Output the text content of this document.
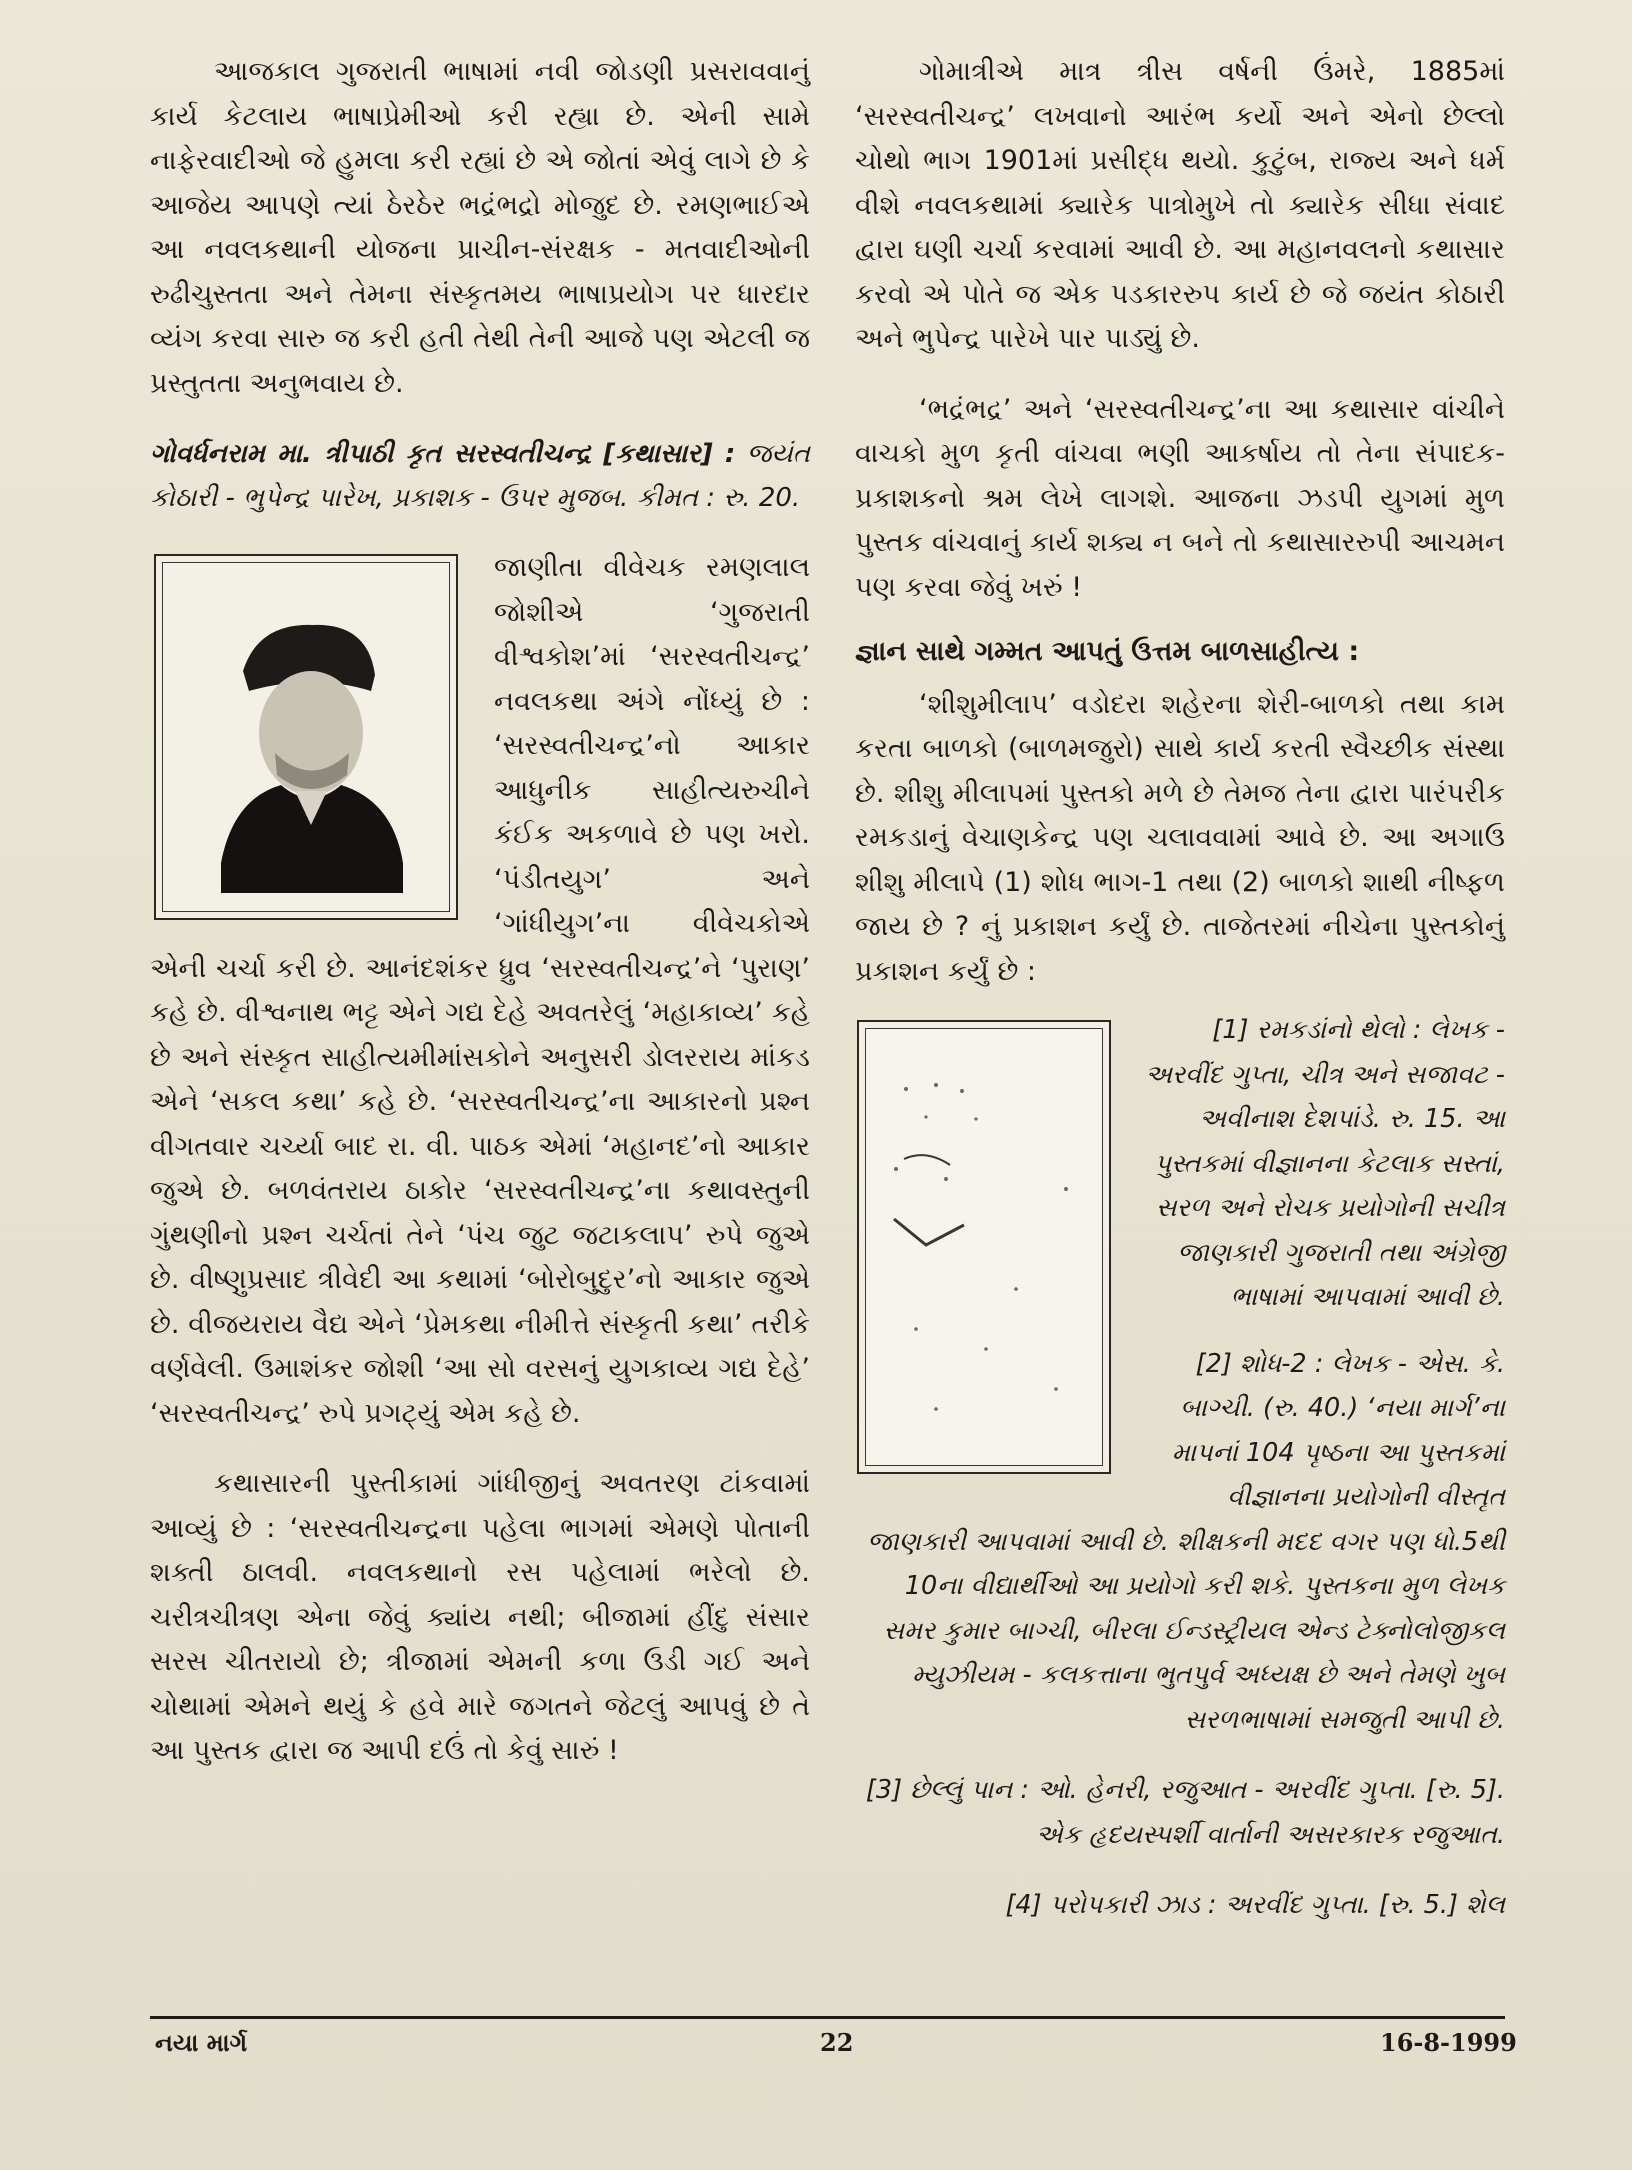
આજકાલ ગુજરાતી ભાષામાં નવી જોડણી પ્રસરાવવાનું કાર્ય કેટલાય ભાષાપ્રેમીઓ કરી રહ્યા છે. એની સામે નાફેરવાદીઓ જે હુમલા કરી રહ્યાં છે એ જોતાં એવું લાગે છે કે આજેય આપણે ત્યાં ઠેરઠેર ભદ્રંભદ્રો મોજુદ છે. રમણભાઈએ આ નવલકથાની યોજના પ્રાચીન-સંરક્ષક - મતવાદીઓની રુઢીચુસ્તતા અને તેમના સંસ્કૃતમય ભાષાપ્રયોગ પર ધારદાર વ્યંગ કરવા સારુ જ કરી હતી તેથી તેની આજે પણ એટલી જ પ્રસ્તુતતા અનુભવાય છે.

ગોવર્ધનરામ મા. ત્રીપાઠી કૃત સરસ્વતીચન્દ્ર [કથાસાર] : જયંત કોઠારી - ભુપેન્દ્ર પારેખ, પ્રકાશક - ઉપર મુજબ. કીમત : રુ. 20.

જાણીતા વીવેચક રમણલાલ જોશીએ ‘ગુજરાતી વીશ્વકોશ’માં ‘સરસ્વતીચન્દ્ર’ નવલકથા અંગે નોંધ્યું છે : ‘સરસ્વતીચન્દ્ર’નો આકાર આધુનીક સાહીત્યરુચીને કંઈક અકળાવે છે પણ ખરો. ‘પંડીતયુગ’ અને ‘ગાંધીયુગ’ના વીવેચકોએ એની ચર્ચા કરી છે. આનંદશંકર ધ્રુવ ‘સરસ્વતીચન્દ્ર’ને ‘પુરાણ’ કહે છે. વીશ્વનાથ ભટ્ટ એને ગદ્ય દેહે અવતરેલું ‘મહાકાવ્ય’ કહે છે અને સંસ્કૃત સાહીત્યમીમાંસકોને અનુસરી ડોલરરાય માંકડ એને ‘સકલ કથા’ કહે છે. ‘સરસ્વતીચન્દ્ર’ના આકારનો પ્રશ્ન વીગતવાર ચર્ચ્યા બાદ રા. વી. પાઠક એમાં ‘મહાનદ’નો આકાર જુએ છે. બળવંતરાય ઠાકોર ‘સરસ્વતીચન્દ્ર’ના કથાવસ્તુની ગુંથણીનો પ્રશ્ન ચર્ચતાં તેને ‘પંચ જુટ જટાકલાપ’ રુપે જુએ છે. વીષ્ણુપ્રસાદ ત્રીવેદી આ કથામાં ‘બોરોબુદુર’નો આકાર જુએ છે. વીજયરાય વૈદ્ય એને ‘પ્રેમકથા નીમીત્તે સંસ્કૃતી કથા’ તરીકે વર્ણવેલી. ઉમાશંકર જોશી ‘આ સો વરસનું યુગકાવ્ય ગદ્ય દેહે’ ‘સરસ્વતીચન્દ્ર’ રુપે પ્રગટ્યું એમ કહે છે.

કથાસારની પુસ્તીકામાં ગાંધીજીનું અવતરણ ટાંકવામાં આવ્યું છે : ‘સરસ્વતીચન્દ્રના પહેલા ભાગમાં એમણે પોતાની શક્તી ઠાલવી. નવલકથાનો રસ પહેલામાં ભરેલો છે. ચરીત્રચીત્રણ એના જેવું ક્યાંય નથી; બીજામાં હીંદુ સંસાર સરસ ચીતરાયો છે; ત્રીજામાં એમની કળા ઉડી ગઈ અને ચોથામાં એમને થયું કે હવે મારે જગતને જેટલું આપવું છે તે આ પુસ્તક દ્વારા જ આપી દઉં તો કેવું સારું !

ગોમાત્રીએ માત્ર ત્રીસ વર્ષની ઉંમરે, 1885માં ‘સરસ્વતીચન્દ્ર’ લખવાનો આરંભ કર્યો અને એનો છેલ્લો ચોથો ભાગ 1901માં પ્રસીદ્ધ થયો. કુટુંબ, રાજ્ય અને ધર્મ વીશે નવલકથામાં ક્યારેક પાત્રોમુખે તો ક્યારેક સીધા સંવાદ દ્વારા ઘણી ચર્ચા કરવામાં આવી છે. આ મહાનવલનો કથાસાર કરવો એ પોતે જ એક પડકારરુપ કાર્ય છે જે જયંત કોઠારી અને ભુપેન્દ્ર પારેખે પાર પાડ્યું છે.

‘ભદ્રંભદ્ર’ અને ‘સરસ્વતીચન્દ્ર’ના આ કથાસાર વાંચીને વાચકો મુળ કૃતી વાંચવા ભણી આકર્ષાય તો તેના સંપાદક-પ્રકાશકનો શ્રમ લેખે લાગશે. આજના ઝડપી યુગમાં મુળ પુસ્તક વાંચવાનું કાર્ય શક્ય ન બને તો કથાસારરુપી આચમન પણ કરવા જેવું ખરું !

જ્ઞાન સાથે ગમ્મત આપતું ઉત્તમ બાળસાહીત્ય :

‘શીશુમીલાપ’ વડોદરા શહેરના શેરી-બાળકો તથા કામ કરતા બાળકો (બાળમજુરો) સાથે કાર્ય કરતી સ્વૈચ્છીક સંસ્થા છે. શીશુ મીલાપમાં પુસ્તકો મળે છે તેમજ તેના દ્વારા પારંપરીક રમકડાનું વેચાણકેન્દ્ર પણ ચલાવવામાં આવે છે. આ અગાઉ શીશુ મીલાપે (1) શોધ ભાગ-1 તથા (2) બાળકો શાથી નીષ્ફળ જાય છે ? નું પ્રકાશન કર્યું છે. તાજેતરમાં નીચેના પુસ્તકોનું પ્રકાશન કર્યું છે :

[1] રમકડાંનો થેલો : લેખક - અરવીંદ ગુપ્તા, ચીત્ર અને સજાવટ - અવીનાશ દેશપાંડે. રુ. 15. આ પુસ્તકમાં વીજ્ઞાનના કેટલાક સસ્તાં, સરળ અને રોચક પ્રયોગોની સચીત્ર જાણકારી ગુજરાતી તથા અંગ્રેજી ભાષામાં આપવામાં આવી છે.

[2] શોધ-2 : લેખક - એસ. કે. બાગ્ચી. (રુ. 40.) ‘નયા માર્ગ’ના માપનાં 104 પૃષ્ઠના આ પુસ્તકમાં વીજ્ઞાનના પ્રયોગોની વીસ્તૃત જાણકારી આપવામાં આવી છે. શીક્ષકની મદદ વગર પણ ધો.5થી 10ના વીદ્યાર્થીઓ આ પ્રયોગો કરી શકે. પુસ્તકના મુળ લેખક સમર કુમાર બાગ્ચી, બીરલા ઈન્ડસ્ટ્રીયલ એન્ડ ટેક્નોલોજીકલ મ્યુઝીયમ - કલકત્તાના ભુતપુર્વ અધ્યક્ષ છે અને તેમણે ખુબ સરળભાષામાં સમજુતી આપી છે.

[3] છેલ્લું પાન : ઓ. હેનરી, રજુઆત - અરવીંદ ગુપ્તા. [રુ. 5]. એક હૃદયસ્પર્શી વાર્તાની અસરકારક રજુઆત.

[4] પરોપકારી ઝાડ : અરવીંદ ગુપ્તા. [રુ. 5.] શેલ

નયા માર્ગ	22	16-8-1999
